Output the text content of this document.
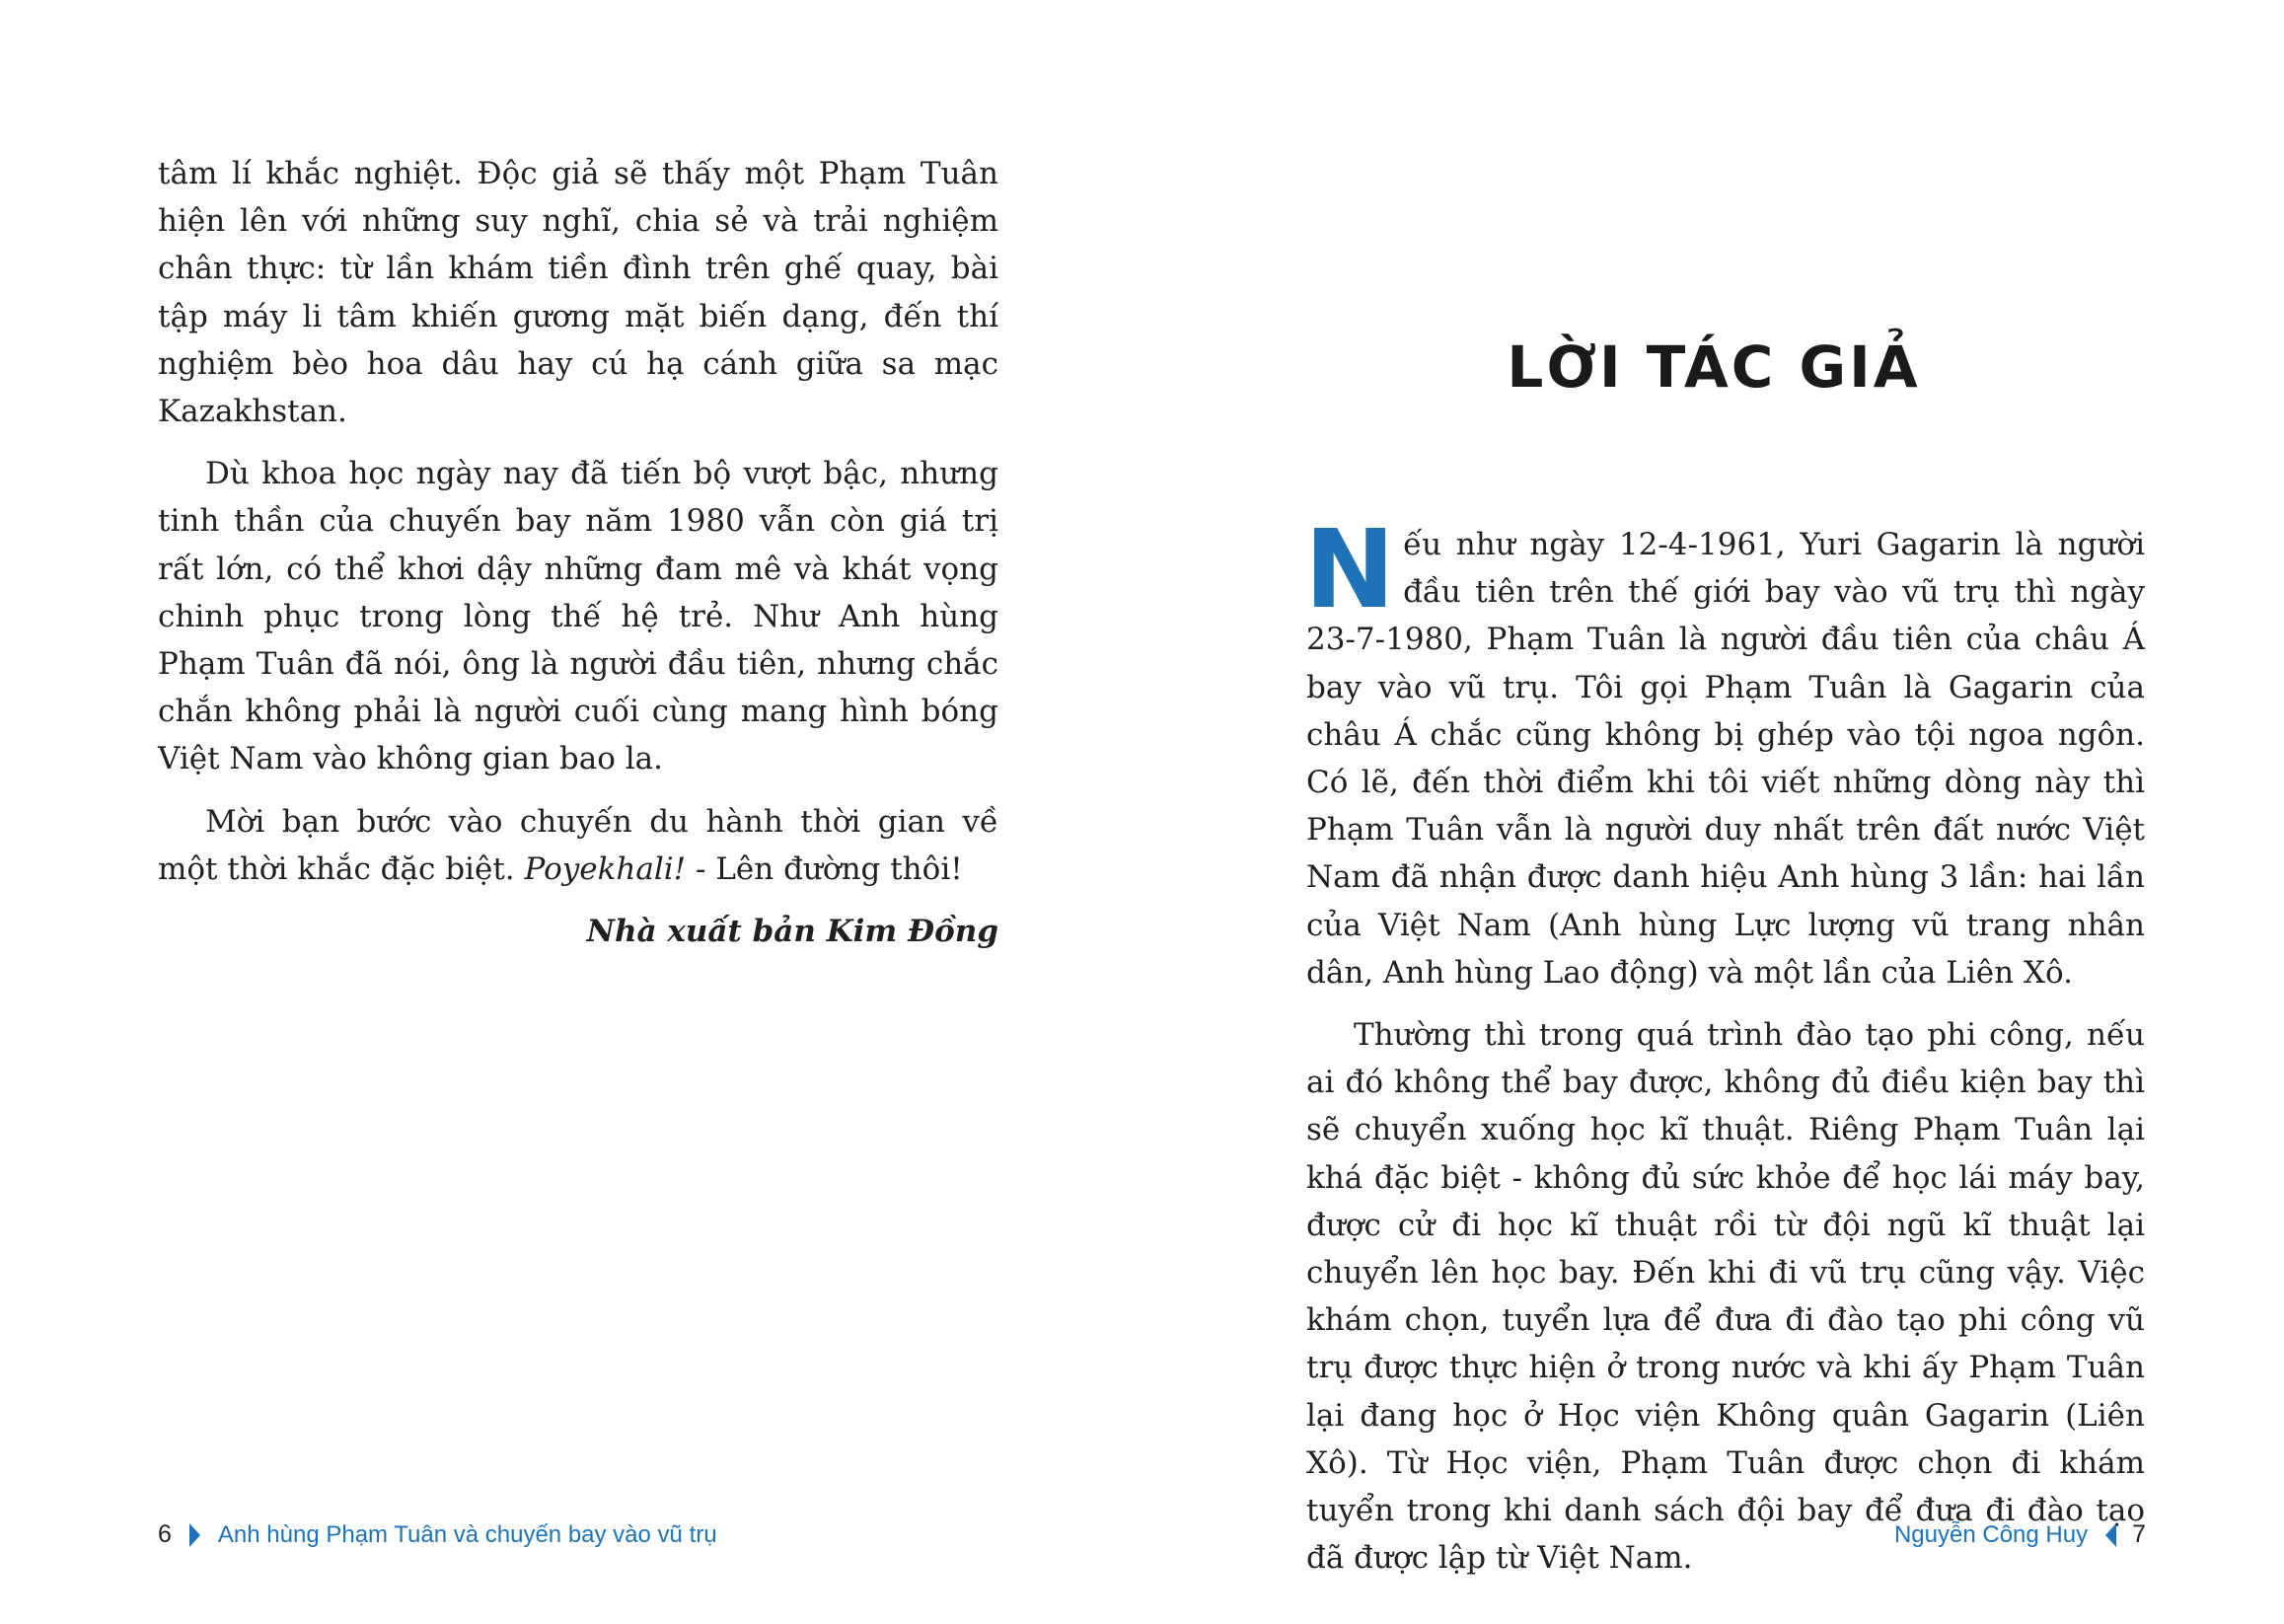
tâm lí khắc nghiệt. Độc giả sẽ thấy một Phạm Tuân hiện lên với những suy nghĩ, chia sẻ và trải nghiệm chân thực: từ lần khám tiền đình trên ghế quay, bài tập máy li tâm khiến gương mặt biến dạng, đến thí nghiệm bèo hoa dâu hay cú hạ cánh giữa sa mạc Kazakhstan.

Dù khoa học ngày nay đã tiến bộ vượt bậc, nhưng tinh thần của chuyến bay năm 1980 vẫn còn giá trị rất lớn, có thể khơi dậy những đam mê và khát vọng chinh phục trong lòng thế hệ trẻ. Như Anh hùng Phạm Tuân đã nói, ông là người đầu tiên, nhưng chắc chắn không phải là người cuối cùng mang hình bóng Việt Nam vào không gian bao la.

Mời bạn bước vào chuyến du hành thời gian về một thời khắc đặc biệt. Poyekhali! - Lên đường thôi!

Nhà xuất bản Kim Đồng

6 Anh hùng Phạm Tuân và chuyến bay vào vũ trụ
LỜI TÁC GIẢ

Nếu như ngày 12-4-1961, Yuri Gagarin là người đầu tiên trên thế giới bay vào vũ trụ thì ngày 23-7-1980, Phạm Tuân là người đầu tiên của châu Á bay vào vũ trụ. Tôi gọi Phạm Tuân là Gagarin của châu Á chắc cũng không bị ghép vào tội ngoa ngôn. Có lẽ, đến thời điểm khi tôi viết những dòng này thì Phạm Tuân vẫn là người duy nhất trên đất nước Việt Nam đã nhận được danh hiệu Anh hùng 3 lần: hai lần của Việt Nam (Anh hùng Lực lượng vũ trang nhân dân, Anh hùng Lao động) và một lần của Liên Xô.

Thường thì trong quá trình đào tạo phi công, nếu ai đó không thể bay được, không đủ điều kiện bay thì sẽ chuyển xuống học kĩ thuật. Riêng Phạm Tuân lại khá đặc biệt - không đủ sức khỏe để học lái máy bay, được cử đi học kĩ thuật rồi từ đội ngũ kĩ thuật lại chuyển lên học bay. Đến khi đi vũ trụ cũng vậy. Việc khám chọn, tuyển lựa để đưa đi đào tạo phi công vũ trụ được thực hiện ở trong nước và khi ấy Phạm Tuân lại đang học ở Học viện Không quân Gagarin (Liên Xô). Từ Học viện, Phạm Tuân được chọn đi khám tuyển trong khi danh sách đội bay để đưa đi đào tạo đã được lập từ Việt Nam.

Nguyễn Công Huy 7
